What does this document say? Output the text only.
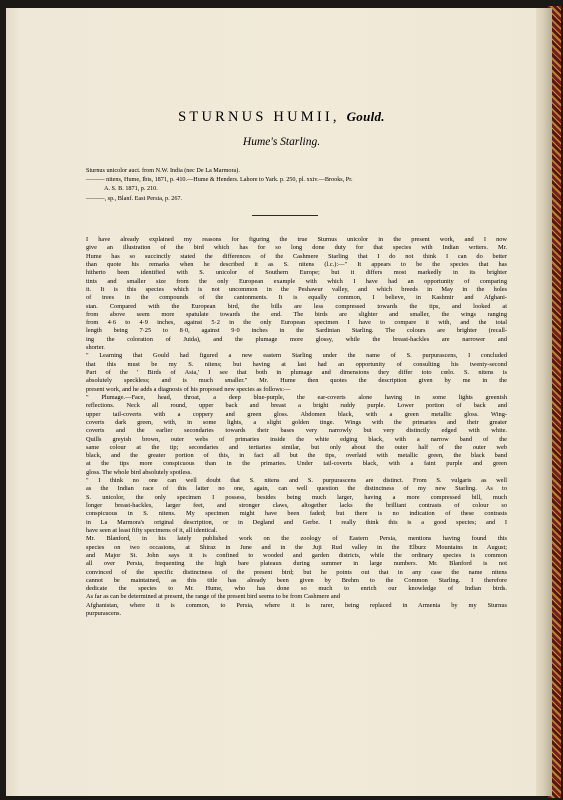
STURNUS HUMII, Gould.
Hume's Starling.
Sturnus unicolor auct. from N.W. India (nec De La Marmora).
——— nitens, Hume, Ibis, 1871, p. 410.—Hume & Henders. Lahore to Yark. p. 250, pl. xxiv.—Brooks, Pr.
A. S. B. 1871, p. 210.
———, sp., Blanf. East Persia, p. 267.
I have already explained my reasons for figuring the true Sturnus unicolor in the present work, and I now
give an illustration of the bird which has for so long done duty for that species with Indian writers. Mr.
Hume has so succinctly stated the differences of the Cashmere Starling that I do not think I can do better
than quote his remarks when he described it as S. nitens (l.c.):—" It appears to be the species that has
hitherto been identified with S. unicolor of Southern Europe; but it differs most markedly in its brighter
tints and smaller size from the only European example with which I have had an opportunity of comparing
it. It is this species which is not uncommon in the Peshawur valley, and which breeds in May in the holes
of trees in the compounds of the cantonments. It is equally common, I believe, in Kashmir and Afghani-
stan. Compared with the European bird, the bills are less compressed towards the tips, and looked at
from above seem more spatulate towards the end. The birds are slighter and smaller, the wings ranging
from 4·6 to 4·9 inches, against 5·2 in the only European specimen I have to compare it with, and the total
length being 7·25 to 8·0, against 9·0 inches in the Sardinian Starling. The colours are brighter (recall-
ing the coloration of Juida), and the plumage more glossy, while the breast-hackles are narrower and
shorter.
" Learning that Gould had figured a new eastern Starling under the name of S. purpurascens, I concluded
that this must be my S. nitens; but having at last had an opportunity of consulting his twenty-second
Part of the ' Birds of Asia,' I see that both in plumage and dimensions they differ toto cœlo. S. nitens is
absolutely speckless; and is much smaller." Mr. Hume then quotes the description given by me in the
present work, and he adds a diagnosis of his proposed new species as follows:—
" Plumage.—Face, head, throat, a deep blue-purple, the ear-coverts alone having in some lights greenish
reflections. Neck all round, upper back and breast a bright ruddy purple. Lower portion of back and
upper tail-coverts with a coppery and green gloss. Abdomen black, with a green metallic gloss. Wing-
coverts dark green, with, in some lights, a slight golden tinge. Wings with the primaries and their greater
coverts and the earlier secondaries towards their bases very narrowly but very distinctly edged with white.
Quills greyish brown, outer webs of primaries inside the white edging black, with a narrow band of the
same colour at the tip; secondaries and tertiaries similar, but only about the outer half of the outer web
black, and the greater portion of this, in fact all but the tips, overlaid with metallic green, the black band
at the tips more conspicuous than in the primaries. Under tail-coverts black, with a faint purple and green
gloss. The whole bird absolutely spotless.
" I think no one can well doubt that S. nitens and S. purpurascens are distinct. From S. vulgaris as well
as the Indian race of this latter no one, again, can well question the distinctness of my new Starling. As to
S. unicolor, the only specimen I possess, besides being much larger, having a more compressed bill, much
longer breast-hackles, larger feet, and stronger claws, altogether lacks the brilliant contrasts of colour so
conspicuous in S. nitens. My specimen might have been faded; but there is no indication of these contrasts
in La Marmora's original description, or in Degland and Gerbe. I really think this is a good species; and I
have seen at least fifty specimens of it, all identical.
Mr. Blanford, in his lately published work on the zoology of Eastern Persia, mentions having found this
species on two occasions, at Shiraz in June and in the Juji Rud valley in the Elburz Mountains in August;
and Major St. John says it is confined to wooded and garden districts, while the ordinary species is common
all over Persia, frequenting the high bare plateaux during summer in large numbers. Mr. Blanford is not
convinced of the specific distinctness of the present bird; but he points out that in any case the name nitens
cannot be maintained, as this title has already been given by Brehm to the Common Starling. I therefore
dedicate the species to Mr. Hume, who has done so much to enrich our knowledge of Indian birds.
As far as can be determined at present, the range of the present bird seems to be from Cashmere and
Afghanistan, where it is common, to Persia, where it is rarer, being replaced in Armenia by my Sturnus
purpurascens.
